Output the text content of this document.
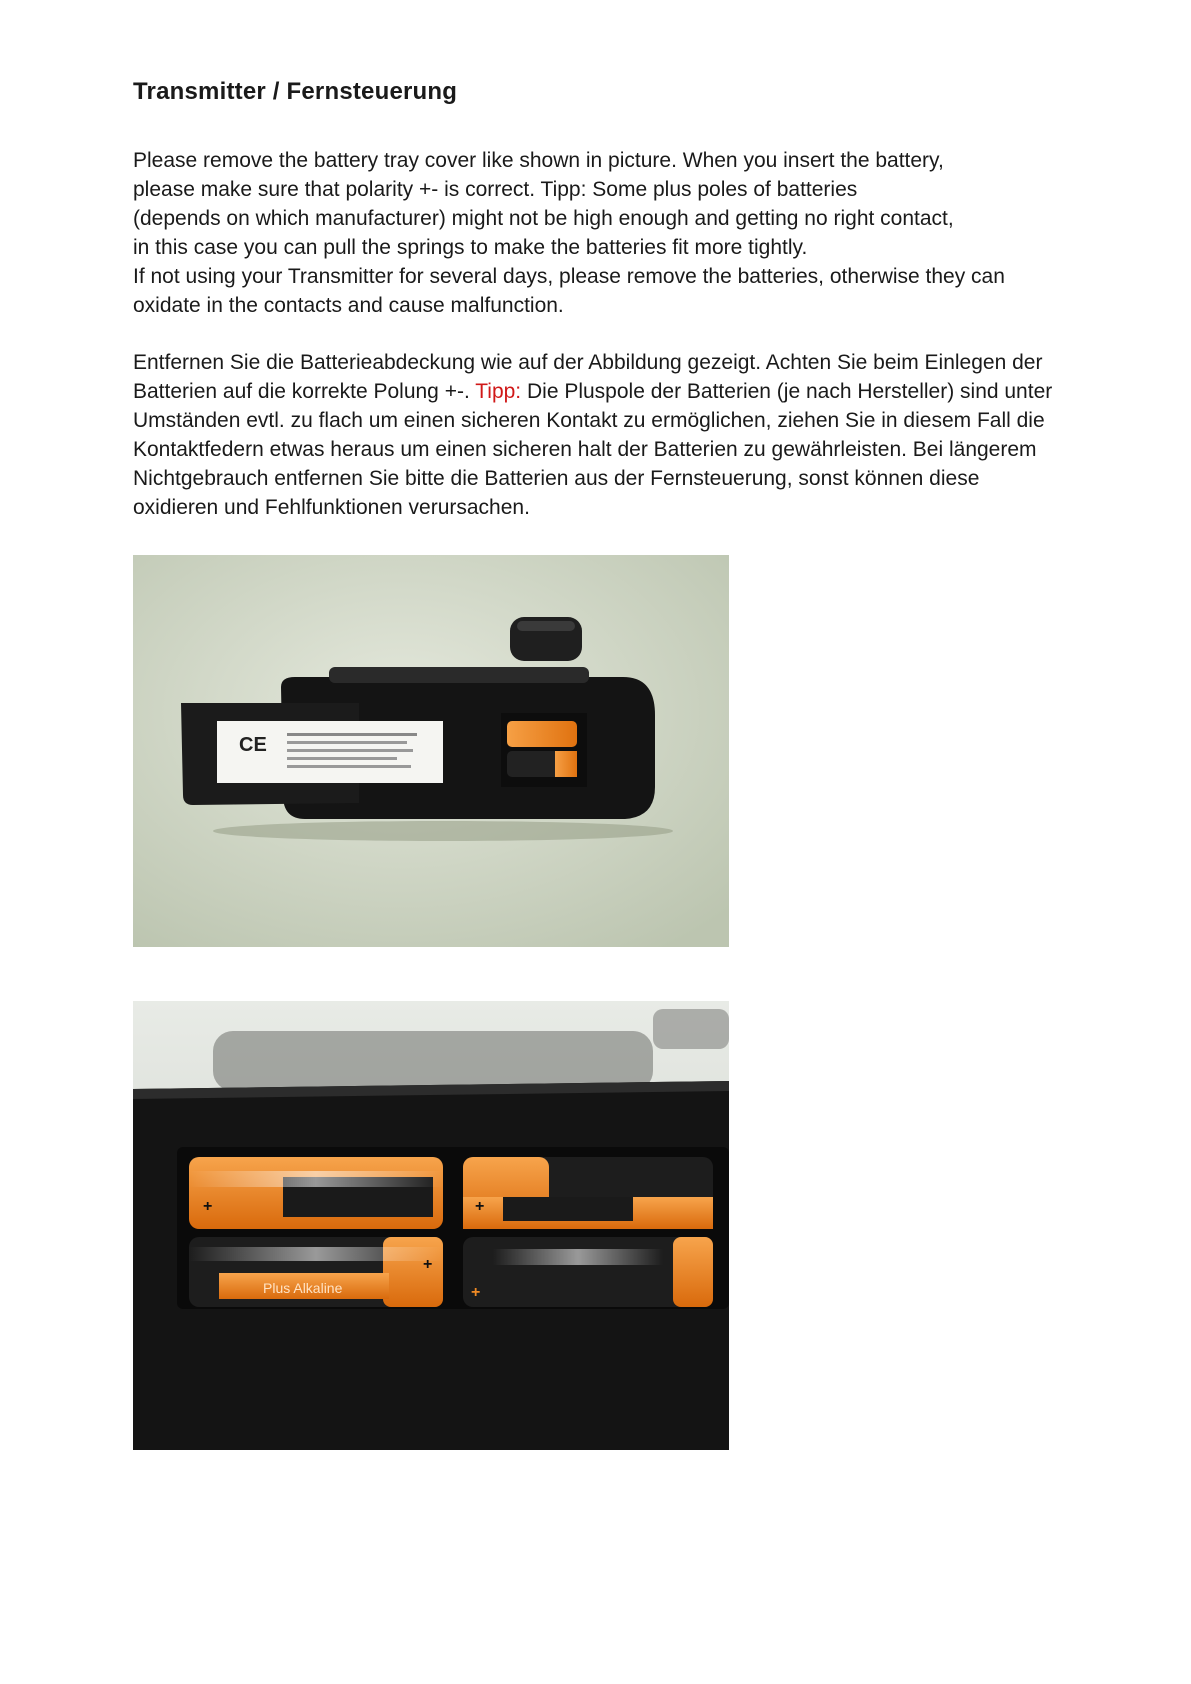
Transmitter / Fernsteuerung
Please remove the battery tray cover like shown in picture. When you insert the battery,
please make sure that polarity +- is correct. Tipp: Some plus poles of batteries
(depends on which manufacturer) might not be high enough and getting no right contact,
in this case you can pull the springs to make the batteries fit more tightly.
If not using your Transmitter for several days, please remove the batteries, otherwise they can
oxidate in the contacts and cause malfunction.
Entfernen Sie die Batterieabdeckung wie auf der Abbildung gezeigt. Achten Sie beim Einlegen der
Batterien auf die korrekte Polung +-. Tipp: Die Pluspole der Batterien (je nach Hersteller) sind unter
Umständen evtl. zu flach um einen sicheren Kontakt zu ermöglichen, ziehen Sie in diesem Fall die
Kontaktfedern etwas heraus um einen sicheren halt der Batterien zu gewährleisten. Bei längerem
Nichtgebrauch entfernen Sie bitte die Batterien aus der Fernsteuerung, sonst können diese
oxidieren und Fehlfunktionen verursachen.
CE
+	+
+
+
Plus Alkaline
